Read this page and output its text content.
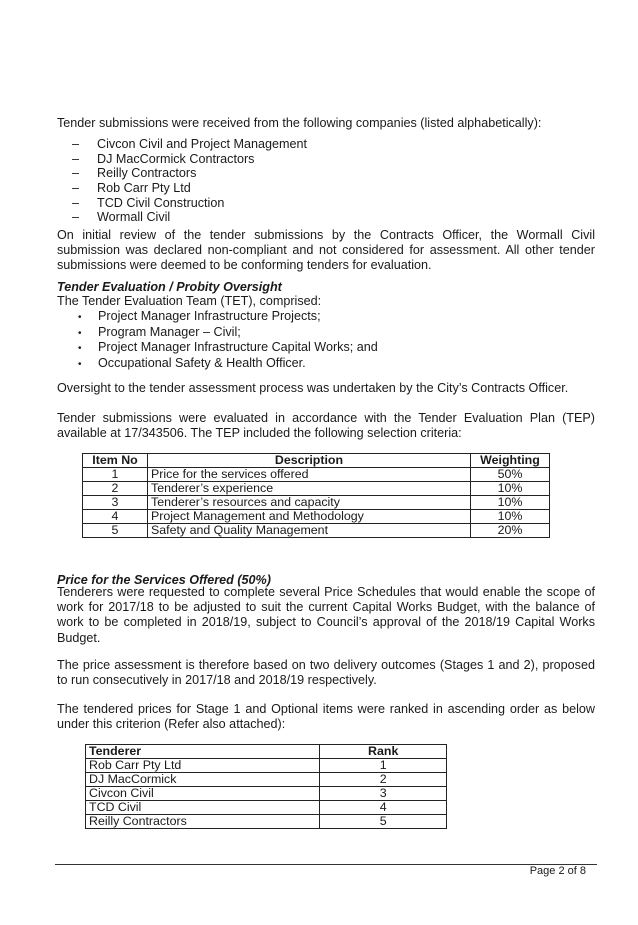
Tender submissions were received from the following companies (listed alphabetically):
– Civcon Civil and Project Management
– DJ MacCormick Contractors
– Reilly Contractors
– Rob Carr Pty Ltd
– TCD Civil Construction
– Wormall Civil
On initial review of the tender submissions by the Contracts Officer, the Wormall Civil submission was declared non-compliant and not considered for assessment. All other tender submissions were deemed to be conforming tenders for evaluation.
Tender Evaluation / Probity Oversight
The Tender Evaluation Team (TET), comprised:
• Project Manager Infrastructure Projects;
• Program Manager – Civil;
• Project Manager Infrastructure Capital Works; and
• Occupational Safety & Health Officer.
Oversight to the tender assessment process was undertaken by the City’s Contracts Officer.
Tender submissions were evaluated in accordance with the Tender Evaluation Plan (TEP) available at 17/343506. The TEP included the following selection criteria:
Item No	Description	Weighting
1	Price for the services offered	50%
2	Tenderer’s experience	10%
3	Tenderer’s resources and capacity	10%
4	Project Management and Methodology	10%
5	Safety and Quality Management	20%
Price for the Services Offered (50%)
Tenderers were requested to complete several Price Schedules that would enable the scope of work for 2017/18 to be adjusted to suit the current Capital Works Budget, with the balance of work to be completed in 2018/19, subject to Council’s approval of the 2018/19 Capital Works Budget.
The price assessment is therefore based on two delivery outcomes (Stages 1 and 2), proposed to run consecutively in 2017/18 and 2018/19 respectively.
The tendered prices for Stage 1 and Optional items were ranked in ascending order as below under this criterion (Refer also attached):
Tenderer	Rank
Rob Carr Pty Ltd	1
DJ MacCormick	2
Civcon Civil	3
TCD Civil	4
Reilly Contractors	5
Page 2 of 8
